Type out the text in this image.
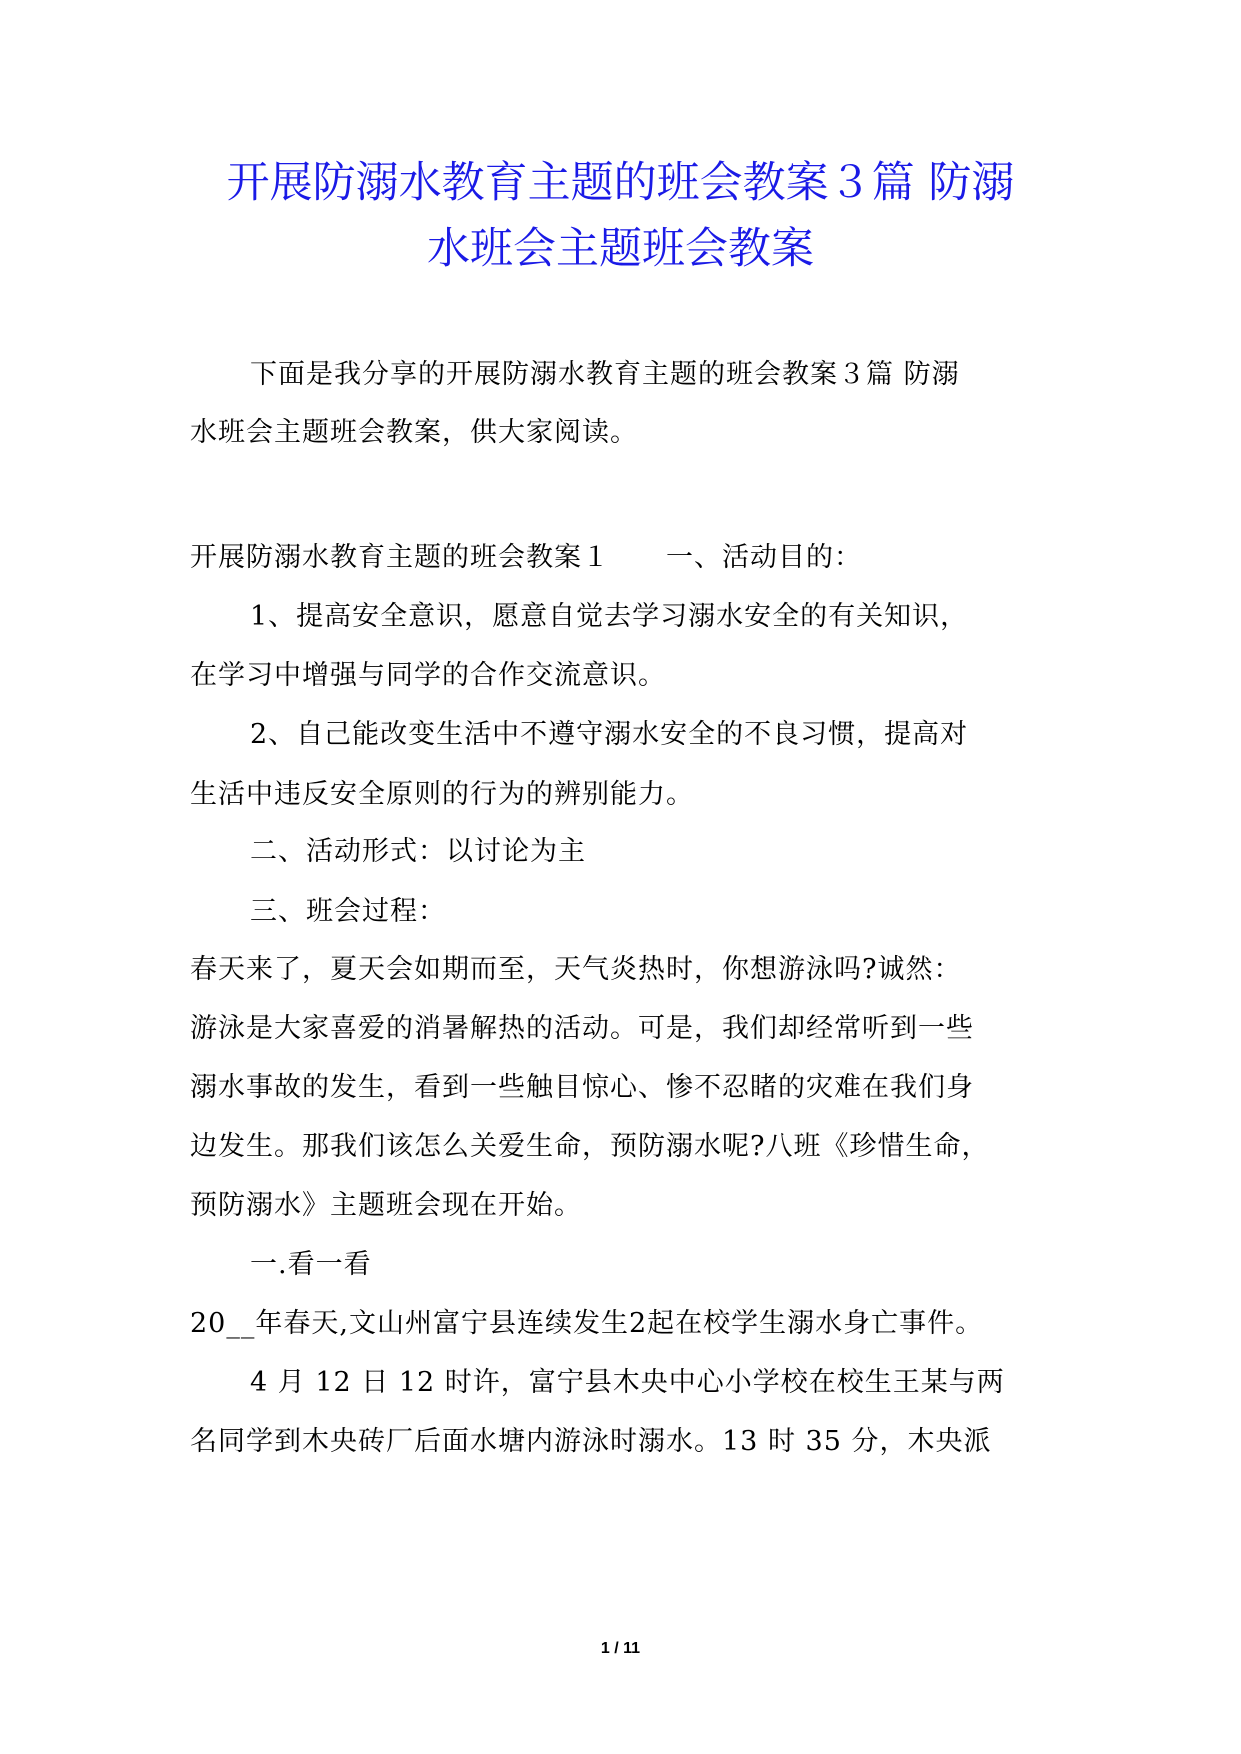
开展防溺水教育主题的班会教案３篇 防溺
水班会主题班会教案
下面是我分享的开展防溺水教育主题的班会教案３篇 防溺
水班会主题班会教案，供大家阅读。
开展防溺水教育主题的班会教案１　　一、活动目的：
1、提高安全意识，愿意自觉去学习溺水安全的有关知识，
在学习中增强与同学的合作交流意识。
2、自己能改变生活中不遵守溺水安全的不良习惯，提高对
生活中违反安全原则的行为的辨别能力。
二、活动形式：以讨论为主
三、班会过程：
春天来了，夏天会如期而至，天气炎热时，你想游泳吗?诚然：
游泳是大家喜爱的消暑解热的活动。可是，我们却经常听到一些
溺水事故的发生，看到一些触目惊心、惨不忍睹的灾难在我们身
边发生。那我们该怎么关爱生命，预防溺水呢?八班《珍惜生命，
预防溺水》主题班会现在开始。
一.看一看
20__年春天,文山州富宁县连续发生2起在校学生溺水身亡事件。
4 月 12 日 12 时许，富宁县木央中心小学校在校生王某与两
名同学到木央砖厂后面水塘内游泳时溺水。13 时 35 分，木央派
1 / 11
